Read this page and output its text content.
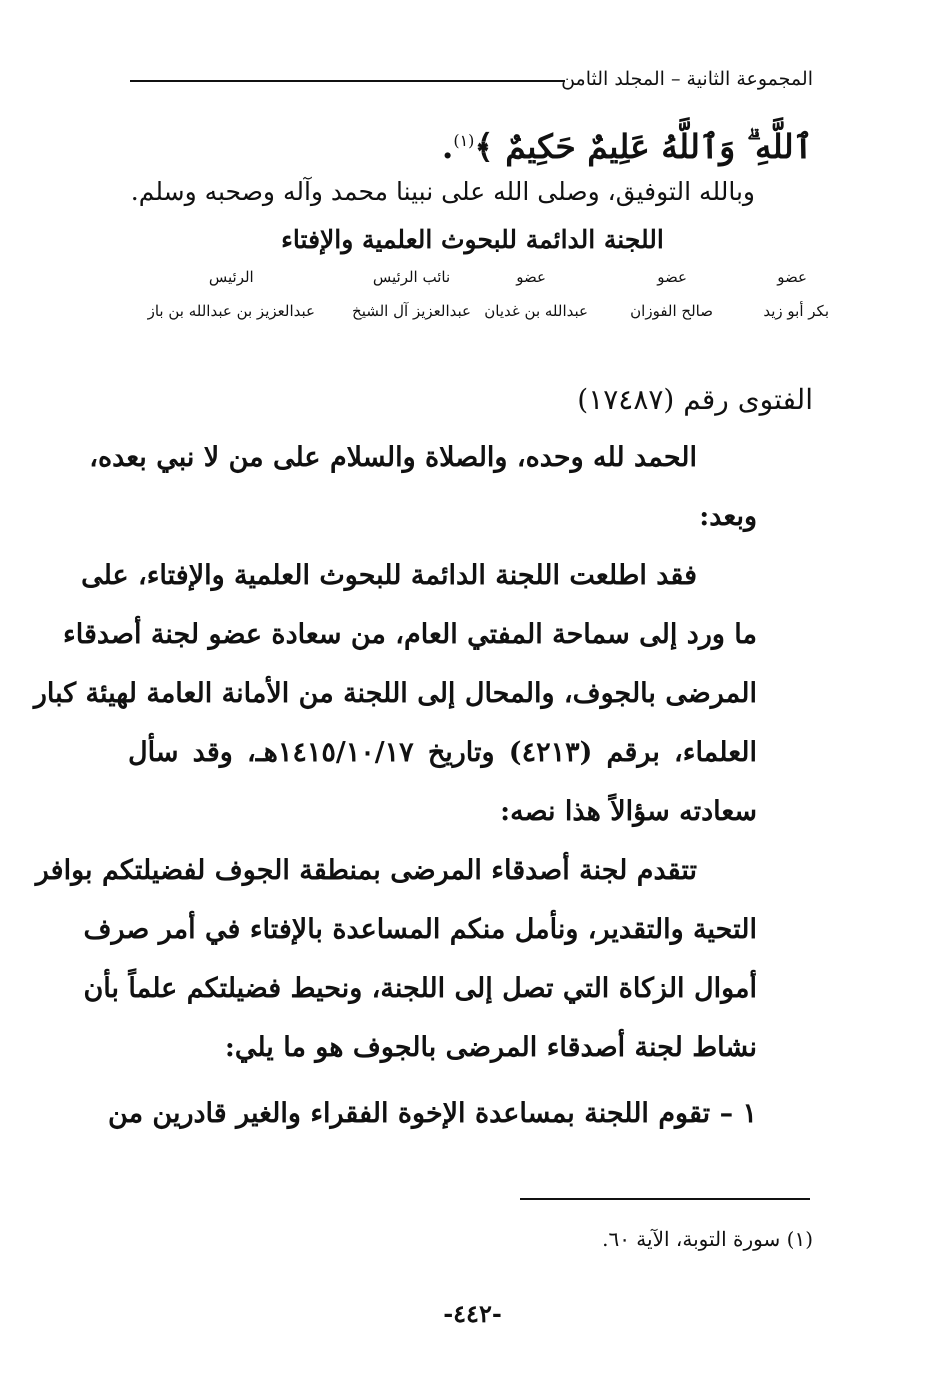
المجموعة الثانية – المجلد الثامن
ٱللَّهِ ۗ وَٱللَّهُ عَلِيمٌ حَكِيمٌ ﴾$^{(١)}$.
وبالله التوفيق، وصلى الله على نبينا محمد وآله وصحبه وسلم.
اللجنة الدائمة للبحوث العلمية والإفتاء
عضو
بكر أبو زيد
عضو
صالح الفوزان
عضو
عبدالله بن غديان
نائب الرئيس
عبدالعزيز آل الشيخ
الرئيس
عبدالعزيز بن عبدالله بن باز
الفتوى رقم (١٧٤٨٧)
الحمد لله وحده، والصلاة والسلام على من لا نبي بعده،
وبعد:
فقد اطلعت اللجنة الدائمة للبحوث العلمية والإفتاء، على
ما ورد إلى سماحة المفتي العام، من سعادة عضو لجنة أصدقاء
المرضى بالجوف، والمحال إلى اللجنة من الأمانة العامة لهيئة كبار
العلماء، برقم (٤٢١٣) وتاريخ ١٤١٥/١٠/١٧هـ، وقد سأل
سعادته سؤالاً هذا نصه:
تتقدم لجنة أصدقاء المرضى بمنطقة الجوف لفضيلتكم بوافر
التحية والتقدير، ونأمل منكم المساعدة بالإفتاء في أمر صرف
أموال الزكاة التي تصل إلى اللجنة، ونحيط فضيلتكم علماً بأن
نشاط لجنة أصدقاء المرضى بالجوف هو ما يلي:
١ – تقوم اللجنة بمساعدة الإخوة الفقراء والغير قادرين من
(١) سورة التوبة، الآية ٦٠.
-٤٤٢-
